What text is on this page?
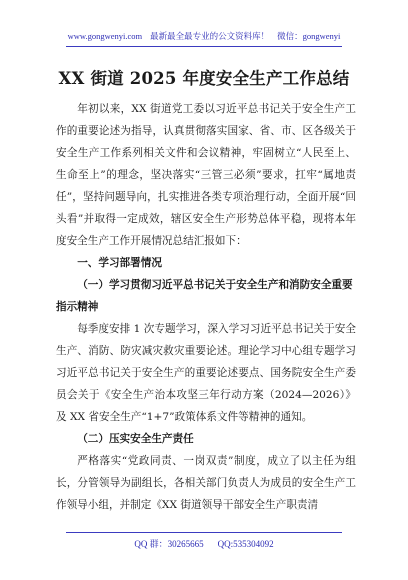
www.gongwenyi.com 最新最全最专业的公文资料库！ 微信：gongwenyi
XX 街道 2025 年度安全生产工作总结

年初以来，XX 街道党工委以习近平总书记关于安全生产工作的重要论述为指导，认真贯彻落实国家、省、市、区各级关于安全生产工作系列相关文件和会议精神，牢固树立“人民至上、生命至上”的理念，坚决落实“三管三必须”要求，扛牢“属地责任”，坚持问题导向，扎实推进各类专项治理行动，全面开展“回头看”并取得一定成效，辖区安全生产形势总体平稳，现将本年度安全生产工作开展情况总结汇报如下：

一、学习部署情况

（一）学习贯彻习近平总书记关于安全生产和消防安全重要指示精神

每季度安排 1 次专题学习，深入学习习近平总书记关于安全生产、消防、防灾减灾救灾重要论述。理论学习中心组专题学习习近平总书记关于安全生产的重要论述要点、国务院安全生产委员会关于《安全生产治本攻坚三年行动方案（2024—2026）》及 XX 省安全生产“1+7”政策体系文件等精神的通知。

（二）压实安全生产责任

严格落实“党政同责、一岗双责”制度，成立了以主任为组长，分管领导为副组长，各相关部门负责人为成员的安全生产工作领导小组，并制定《XX 街道领导干部安全生产职责清

QQ 群：30265665 QQ:535304092
